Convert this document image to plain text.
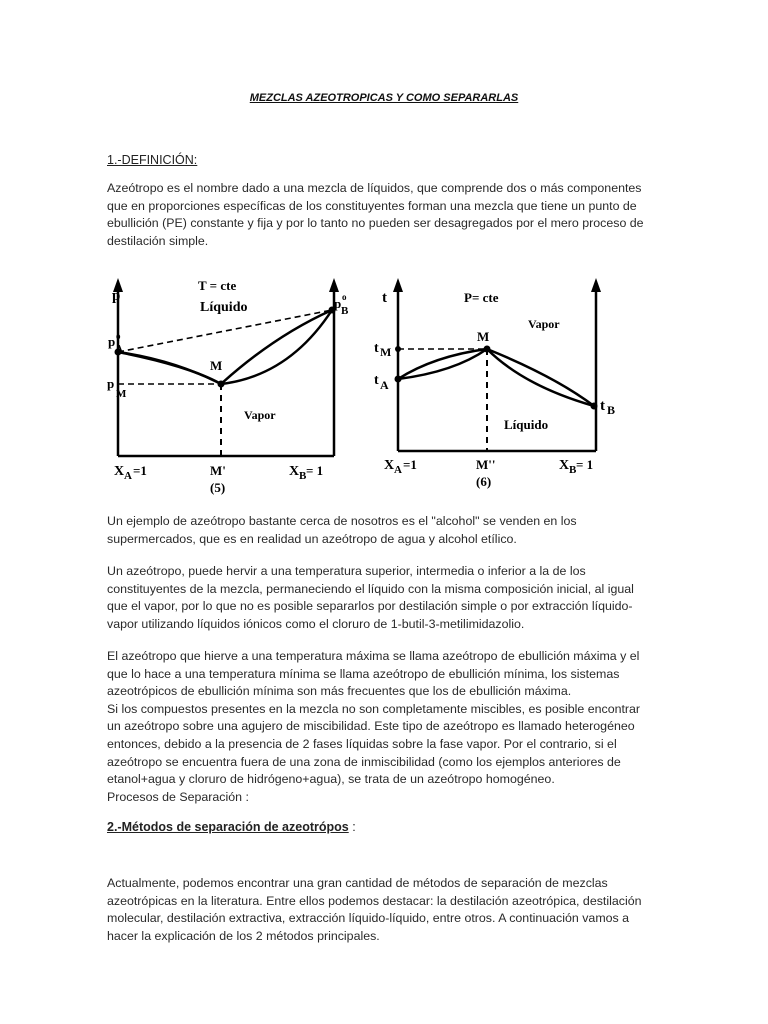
MEZCLAS AZEOTROPICAS Y COMO SEPARARLAS
1.-DEFINICIÓN:

Azeótropo es el nombre dado a una mezcla de líquidos, que comprende dos o más componentes
que en proporciones específicas de los constituyentes forman una mezcla que tiene un punto de
ebullición (PE) constante y fija y por lo tanto no pueden ser desagregados por el mero proceso de
destilación simple.

p
T = cte
Líquido
Vapor
M
p o
A
p o
B
p
M
X A =1	M'
(5)
X B = 1
t	P= cte
Vapor
Líquido
M
t M
t A
t B
X A =1	M''
(6)
X B = 1

Un ejemplo de azeótropo bastante cerca de nosotros es el "alcohol" se venden en los
supermercados, que es en realidad un azeótropo de agua y alcohol etílico.

Un azeótropo, puede hervir a una temperatura superior, intermedia o inferior a la de los
constituyentes de la mezcla, permaneciendo el líquido con la misma composición inicial, al igual
que el vapor, por lo que no es posible separarlos por destilación simple o por extracción líquido-
vapor utilizando líquidos iónicos como el cloruro de 1-butil-3-metilimidazolio.

El azeótropo que hierve a una temperatura máxima se llama azeótropo de ebullición máxima y el
que lo hace a una temperatura mínima se llama azeótropo de ebullición mínima, los sistemas
azeotrópicos de ebullición mínima son más frecuentes que los de ebullición máxima.
Si los compuestos presentes en la mezcla no son completamente miscibles, es posible encontrar
un azeótropo sobre una agujero de miscibilidad. Este tipo de azeótropo es llamado heterogéneo
entonces, debido a la presencia de 2 fases líquidas sobre la fase vapor. Por el contrario, si el
azeótropo se encuentra fuera de una zona de inmiscibilidad (como los ejemplos anteriores de
etanol+agua y cloruro de hidrógeno+agua), se trata de un azeótropo homogéneo.
Procesos de Separación :

2.-Métodos de separación de azeotrópos :

Actualmente, podemos encontrar una gran cantidad de métodos de separación de mezclas
azeotrópicas en la literatura. Entre ellos podemos destacar: la destilación azeotrópica, destilación
molecular, destilación extractiva, extracción líquido-líquido, entre otros. A continuación vamos a
hacer la explicación de los 2 métodos principales.
